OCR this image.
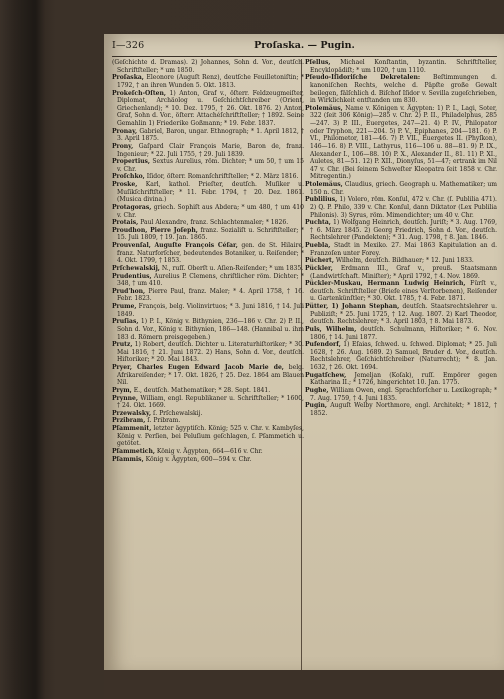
I—326	Proſaska. — Pugin.

(Geſchichte d. Dramas). 2) Johannes, Sohn d. Vor., deutſch. Schriftſteller; * um 1850.

Proſaska, Eleonore (Auguſt Renz), deutſche Feuilletoniſtin; * 1792, † an ihren Wunden 5. Okt. 1813.

Prokeſch-Oſten, 1) Anton, Graf v., öſterr. Feldzeugmeiſter, Diplomat, Archäolog u. Geſchichtſchreiber (Orient, Griechenland); * 10. Dez. 1795, † 26. Okt. 1876. 2) Anton, Graf, Sohn d. Vor., öſterr. Attachéſchriftſteller; † 1892. Seine Gemahlin 1) Friederike Goßmann; * 19. Febr. 1837.

Pronay, Gabriel, Baron, ungar. Ethnograph; * 1. April 1812, † 3. April 1875.

Prony, Gaſpard Clair François Marie, Baron de, franz. Ingenieur; * 22. Juli 1755, † 29. Juli 1839.

Propertius, Sextus Aurelius, röm. Dichter; * um 50, † um 15 v. Chr.

Proſchko, Iſidor, öſterr. Romanſchriftſteller; * 2. März 1816.

Proske, Karl, kathol. Prieſter, deutſch. Muſiker u. Muſikſchriftſteller; * 11. Febr. 1794, † 20. Dez. 1861. (Musica divina.)

Protagoras, griech. Sophiſt aus Abdera; * um 480, † um 410 v. Chr.

Protais, Paul Alexandre, franz. Schlachtenmaler; * 1826.

Proudhon, Pierre Joſeph, franz. Sozialiſt u. Schriftſteller; * 15. Juli 1809, † 19. Jan. 1865.

Prouvenſal, Auguſte François Céſar, gen. de St. Hilaire, franz. Naturforſcher, bedeutendes Botaniker, u. Reiſender; * 4. Okt. 1799, † 1853.

Prſchewalskij, N., ruſſ. Oberſt u. Aſien-Reiſender; * um 1835.

Prudentius, Aurelius P. Clemens, chriſtlicher röm. Dichter; * 348, † um 410.

Prud'hon, Pierre Paul, franz. Maler; * 4. April 1758, † 16. Febr. 1823.

Prume, François, belg. Violinvirtuos; * 3. Juni 1816, † 14. Juli 1849.

Pruſias, 1) P. I., König v. Bithynien, 236—186 v. Chr. 2) P. II., Sohn d. Vor., König v. Bithynien, 186—148. (Hannibal u. ihm 183 d. Römern preisgegeben.)

Prutz, 1) Robert, deutſch. Dichter u. Literaturhiſtoriker; * 30. Mai 1816, † 21. Juni 1872. 2) Hans, Sohn d. Vor., deutſch. Hiſtoriker; * 20. Mai 1843.

Pryer, Charles Eugen Edward Jacob Marie de, belg. Afrikareiſender; * 17. Okt. 1826, † 25. Dez. 1864 am Blauen Nil.

Prym, E., deutſch. Mathematiker; * 28. Sept. 1841.

Prynne, William, engl. Republikaner u. Schriftſteller; * 1600, † 24. Okt. 1669.

Przewalsky, ſ. Prſchewalskij.

Przibram, ſ. Pribram.

Pſammenit, letzter ägyptiſch. König; 525 v. Chr. v. Kambyſes, König v. Perſien, bei Peluſium geſchlagen, ſ. Pſammetich u. getötet.

Pſammetich, König v. Ägypten, 664—616 v. Chr.

Pſammis, König v. Ägypten, 600—594 v. Chr.

Pſellus, Michael Konſtantin, byzantin. Schriftſteller, Encyklopädiſt; * um 1020, † um 1110.

Pſeudo-Iſidoriſche Dekretalen: Beſtimmungen d. kanoniſchen Rechts, welche d. Päpſte große Gewalt beilegen, fälſchlich d. Biſchof Iſidor v. Sevilla zugeſchrieben, in Wirklichkeit entſtanden um 830.

Ptolemäus, Name v. Königen v. Ägypten: 1) P. I., Lagi, Soter, 322 (ſeit 306 König)—285 v. Chr. 2) P. II., Philadelphus, 285—247. 3) P. III., Euergetes, 247—21. 4) P. IV., Philopator oder Tryphon, 221—204. 5) P. V., Epiphanes, 204—181. 6) P. VI., Philometor, 181—46. 7) P. VII., Euergetes II. (Phyſkon), 146—16. 8) P. VIII., Lathyrus, 116—106 u. 88—81. 9) P. IX., Alexander I., 106—88. 10) P. X., Alexander II., 81. 11) P. XI., Auletes, 81—51. 12) P. XII., Dionyſus, 51—47; ertrank im Nil 47 v. Chr. (Bei ſeinem Schweſter Kleopatra ſeit 1858 v. Chr. Mitregentin.)

Ptolemäus, Claudius, griech. Geograph u. Mathematiker; um 150 n. Chr.

Publilius, 1) Volero, röm. Konſul, 472 v. Chr. (ſ. Publilia 471). 2) Q. P. Philo, 339 v. Chr. Konſul, dann Diktator (Lex Publilia Philonis). 3) Syrus, röm. Mimendichter; um 40 v. Chr.

Puchta, 1) Wolfgang Heinrich, deutſch. Juriſt; * 3. Aug. 1769, † 6. März 1845. 2) Georg Friedrich, Sohn d. Vor., deutſch. Rechtslehrer (Pandekten); * 31. Aug. 1798, † 8. Jan. 1846.

Puebla, Stadt in Mexiko. 27. Mai 1863 Kapitulation an d. Franzoſen unter Forey.

Püchert, Wilhelm, deutſch. Bildhauer; * 12. Juni 1833.

Pückler, Erdmann III., Graf v., preuß. Staatsmann (Landwirtſchaft. Miniſter); * April 1792, † 4. Nov. 1869.

Pückler-Muskau, Hermann Ludwig Heinrich, Fürſt v., deutſch. Schriftſteller (Briefe eines Verſtorbenen), Reiſender u. Gartenkünſtler; * 30. Okt. 1785, † 4. Febr. 1871.

Pütter, 1) Johann Stephan, deutſch. Staatsrechtslehrer u. Publiziſt; * 25. Juni 1725, † 12. Aug. 1807. 2) Karl Theodor, deutſch. Rechtslehrer; * 3. April 1803, † 8. Mai 1873.

Puls, Wilhelm, deutſch. Schulmann, Hiſtoriker; * 6. Nov. 1806, † 14. Juni 1877.

Pufendorf, 1) Eſaias, ſchwed. u. ſchwed. Diplomat; * 25. Juli 1628, † 26. Aug. 1689. 2) Samuel, Bruder d. Vor., deutſch. Rechtslehrer, Geſchichtſchreiber (Naturrecht); * 8. Jan. 1632, † 26. Okt. 1694.

Pugatſchew, Jemeljan (Koſak), ruſſ. Empörer gegen Katharina II.; * 1726, hingerichtet 10. Jan. 1775.

Pughe, William Owen, engl. Sprachforſcher u. Lexikograph; * 7. Aug. 1759, † 4. Juni 1835.

Pugin, Auguſt Welby Northmore, engl. Architekt; * 1812, † 1852.
